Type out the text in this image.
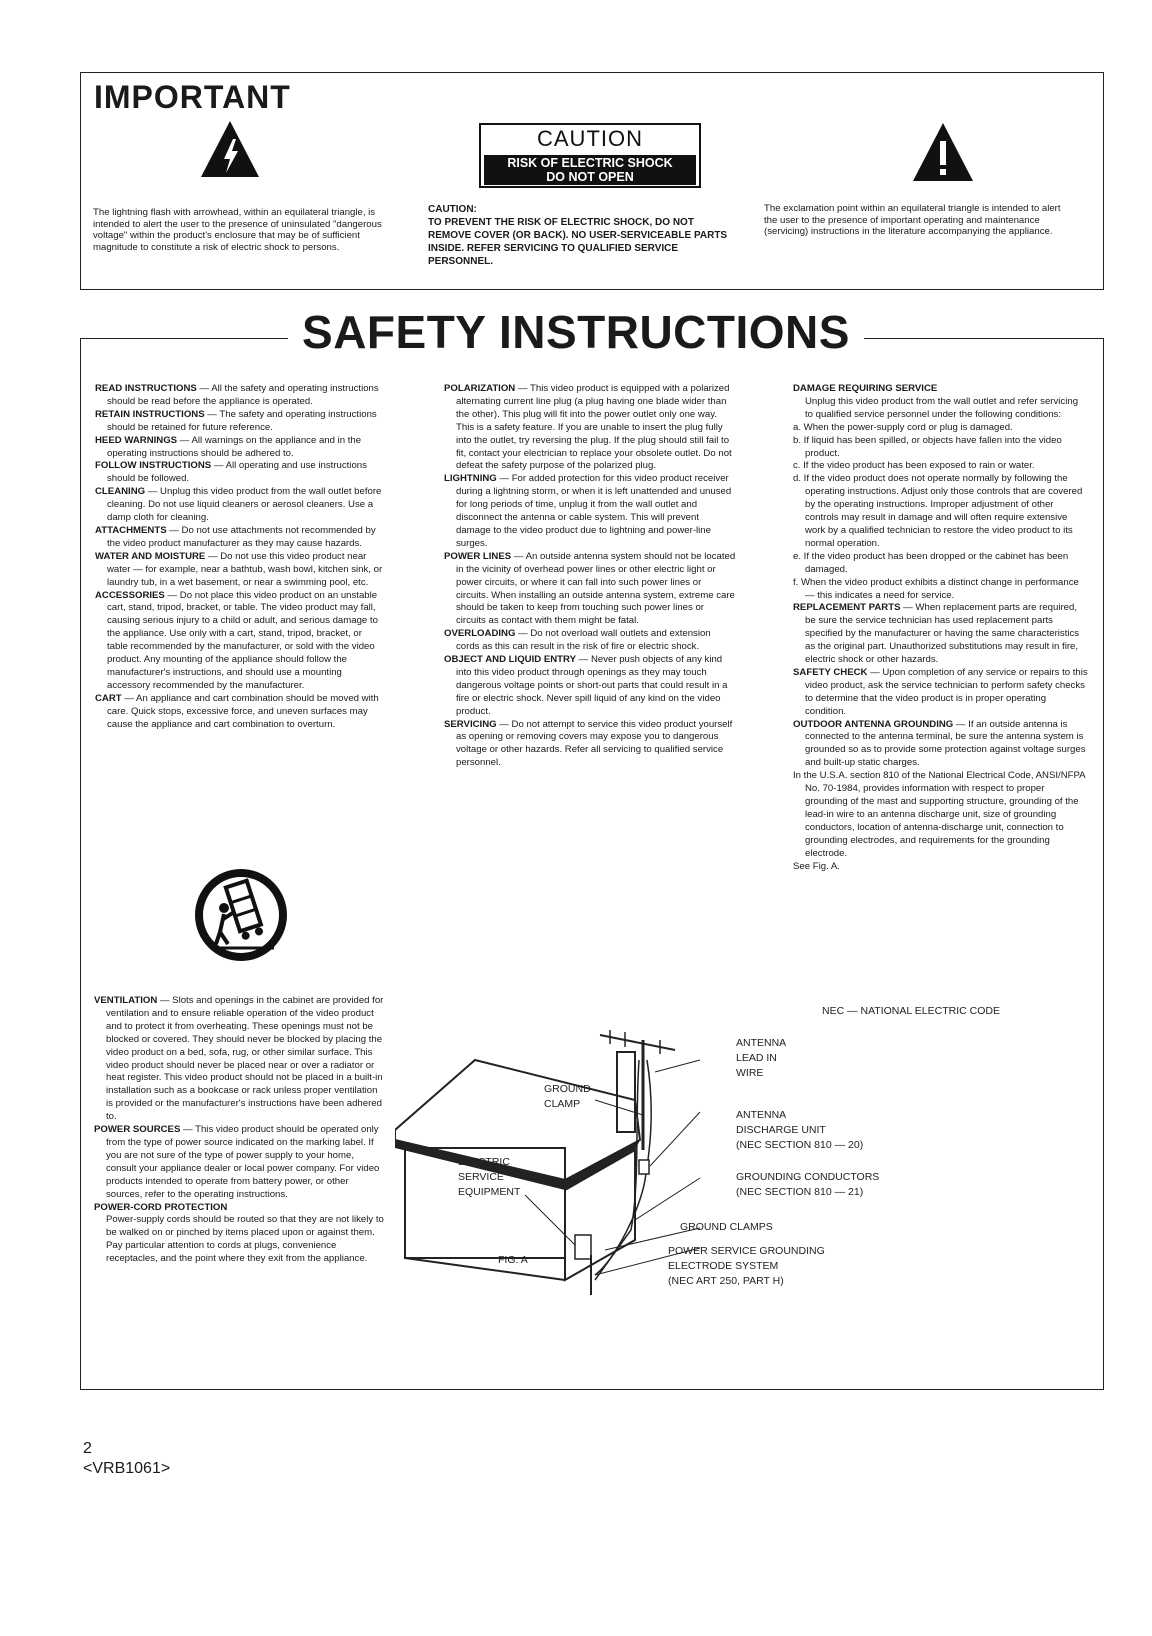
IMPORTANT
The lightning flash with arrowhead, within an equilateral triangle, is intended to alert the user to the presence of uninsulated "dangerous voltage" within the product's enclosure that may be of sufficient magnitude to constitute a risk of electric shock to persons.
CAUTION
RISK OF ELECTRIC SHOCK
DO NOT OPEN
CAUTION:
TO PREVENT THE RISK OF ELECTRIC SHOCK, DO NOT REMOVE COVER (OR BACK). NO USER-SERVICEABLE PARTS INSIDE. REFER SERVICING TO QUALIFIED SERVICE PERSONNEL.
The exclamation point within an equilateral triangle is intended to alert the user to the presence of important operating and maintenance (servicing) instructions in the literature accompanying the appliance.
SAFETY INSTRUCTIONS

READ INSTRUCTIONS — All the safety and operating instructions should be read before the appliance is operated.

RETAIN INSTRUCTIONS — The safety and operating instructions should be retained for future reference.

HEED WARNINGS — All warnings on the appliance and in the operating instructions should be adhered to.

FOLLOW INSTRUCTIONS — All operating and use instructions should be followed.

CLEANING — Unplug this video product from the wall outlet before cleaning. Do not use liquid cleaners or aerosol cleaners. Use a damp cloth for cleaning.

ATTACHMENTS — Do not use attachments not recommended by the video product manufacturer as they may cause hazards.

WATER AND MOISTURE — Do not use this video product near water — for example, near a bathtub, wash bowl, kitchen sink, or laundry tub, in a wet basement, or near a swimming pool, etc.

ACCESSORIES — Do not place this video product on an unstable cart, stand, tripod, bracket, or table. The video product may fall, causing serious injury to a child or adult, and serious damage to the appliance. Use only with a cart, stand, tripod, bracket, or table recommended by the manufacturer, or sold with the video product. Any mounting of the appliance should follow the manufacturer's instructions, and should use a mounting accessory recommended by the manufacturer.

CART — An appliance and cart combination should be moved with care. Quick stops, excessive force, and uneven surfaces may cause the appliance and cart combination to overturn.

POLARIZATION — This video product is equipped with a polarized alternating current line plug (a plug having one blade wider than the other). This plug will fit into the power outlet only one way. This is a safety feature. If you are unable to insert the plug fully into the outlet, try reversing the plug. If the plug should still fail to fit, contact your electrician to replace your obsolete outlet. Do not defeat the safety purpose of the polarized plug.

LIGHTNING — For added protection for this video product receiver during a lightning storm, or when it is left unattended and unused for long periods of time, unplug it from the wall outlet and disconnect the antenna or cable system. This will prevent damage to the video product due to lightning and power-line surges.

POWER LINES — An outside antenna system should not be located in the vicinity of overhead power lines or other electric light or power circuits, or where it can fall into such power lines or circuits. When installing an outside antenna system, extreme care should be taken to keep from touching such power lines or circuits as contact with them might be fatal.

OVERLOADING — Do not overload wall outlets and extension cords as this can result in the risk of fire or electric shock.

OBJECT AND LIQUID ENTRY — Never push objects of any kind into this video product through openings as they may touch dangerous voltage points or short-out parts that could result in a fire or electric shock. Never spill liquid of any kind on the video product.

SERVICING — Do not attempt to service this video product yourself as opening or removing covers may expose you to dangerous voltage or other hazards. Refer all servicing to qualified service personnel.

DAMAGE REQUIRING SERVICE
Unplug this video product from the wall outlet and refer servicing to qualified service personnel under the following conditions:

a. When the power-supply cord or plug is damaged.

b. If liquid has been spilled, or objects have fallen into the video product.

c. If the video product has been exposed to rain or water.

d. If the video product does not operate normally by following the operating instructions. Adjust only those controls that are covered by the operating instructions. Improper adjustment of other controls may result in damage and will often require extensive work by a qualified technician to restore the video product to its normal operation.

e. If the video product has been dropped or the cabinet has been damaged.

f. When the video product exhibits a distinct change in performance — this indicates a need for service.

REPLACEMENT PARTS — When replacement parts are required, be sure the service technician has used replacement parts specified by the manufacturer or having the same characteristics as the original part. Unauthorized substitutions may result in fire, electric shock or other hazards.

SAFETY CHECK — Upon completion of any service or repairs to this video product, ask the service technician to perform safety checks to determine that the video product is in proper operating condition.

OUTDOOR ANTENNA GROUNDING — If an outside antenna is connected to the antenna terminal, be sure the antenna system is grounded so as to provide some protection against voltage surges and built-up static charges.

In the U.S.A. section 810 of the National Electrical Code, ANSI/NFPA No. 70-1984, provides information with respect to proper grounding of the mast and supporting structure, grounding of the lead-in wire to an antenna discharge unit, size of grounding conductors, location of antenna-discharge unit, connection to grounding electrodes, and requirements for the grounding electrode.

See Fig. A.

VENTILATION — Slots and openings in the cabinet are provided for ventilation and to ensure reliable operation of the video product and to protect it from overheating. These openings must not be blocked or covered. They should never be blocked by placing the video product on a bed, sofa, rug, or other similar surface. This video product should never be placed near or over a radiator or heat register. This video product should not be placed in a built-in installation such as a bookcase or rack unless proper ventilation is provided or the manufacturer's instructions have been adhered to.

POWER SOURCES — This video product should be operated only from the type of power source indicated on the marking label. If you are not sure of the type of power supply to your home, consult your appliance dealer or local power company. For video products intended to operate from battery power, or other sources, refer to the operating instructions.

POWER-CORD PROTECTION
Power-supply cords should be routed so that they are not likely to be walked on or pinched by items placed upon or against them. Pay particular attention to cords at plugs, convenience receptacles, and the point where they exit from the appliance.

NEC — NATIONAL ELECTRIC CODE
ANTENNA
LEAD IN
WIRE
GROUND
CLAMP
ANTENNA
DISCHARGE UNIT
(NEC SECTION 810 — 20)
ELECTRIC
SERVICE
EQUIPMENT
GROUNDING CONDUCTORS
(NEC SECTION 810 — 21)
GROUND CLAMPS
POWER SERVICE GROUNDING
ELECTRODE SYSTEM
(NEC ART 250, PART H)
FIG. A
2
<VRB1061>
